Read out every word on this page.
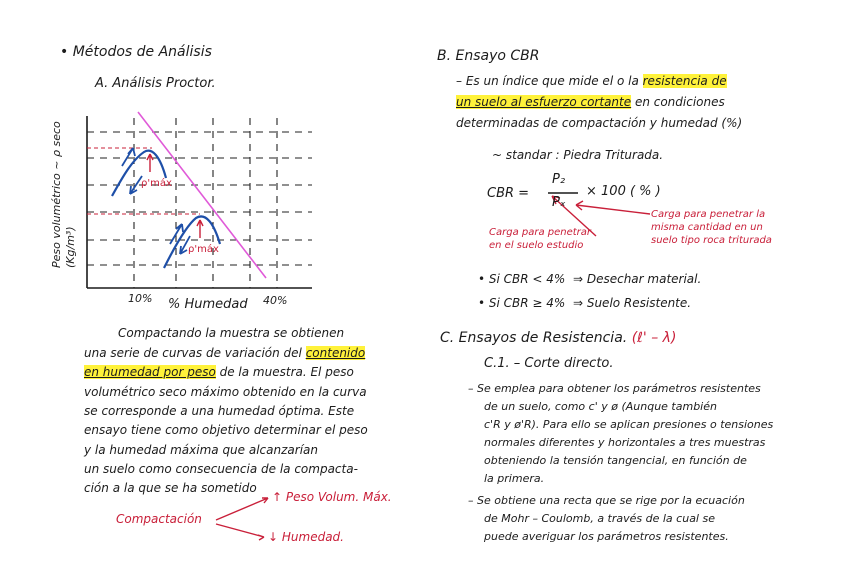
• Métodos de Análisis
A. Análisis Proctor.
Peso volumétrico ~ ρ seco (Kg/m³)
ρ'máx
ρ'máx
10% % Humedad 40%
Compactando la muestra se obtienen
una serie de curvas de variación del contenido
en humedad por peso de la muestra. El peso
volumétrico seco máximo obtenido en la curva
se corresponde a una humedad óptima. Este
ensayo tiene como objetivo determinar el peso
y la humedad máxima que alcanzarían
un suelo como consecuencia de la compacta-
ción a la que se ha sometido
Compactación
↑ Peso Volum. Máx.
↓ Humedad.
B. Ensayo CBR
– Es un índice que mide el o la resistencia de
un suelo al esfuerzo cortante en condiciones
determinadas de compactación y humedad (%)
~ standar : Piedra Triturada.
CBR =
P₂
Pₓ
× 100 ( % )
Carga para penetrar
en el suelo estudio
Carga para penetrar la
misma cantidad en un
suelo tipo roca triturada
• Si CBR < 4% ⇒ Desechar material.
• Si CBR ≥ 4% ⇒ Suelo Resistente.
C. Ensayos de Resistencia. (ℓ' – λ)
C.1. – Corte directo.
– Se emplea para obtener los parámetros resistentes
de un suelo, como c' y ø (Aunque también
c'R y ø'R). Para ello se aplican presiones o tensiones
normales diferentes y horizontales a tres muestras
obteniendo la tensión tangencial, en función de
la primera.
– Se obtiene una recta que se rige por la ecuación
de Mohr – Coulomb, a través de la cual se
puede averiguar los parámetros resistentes.
